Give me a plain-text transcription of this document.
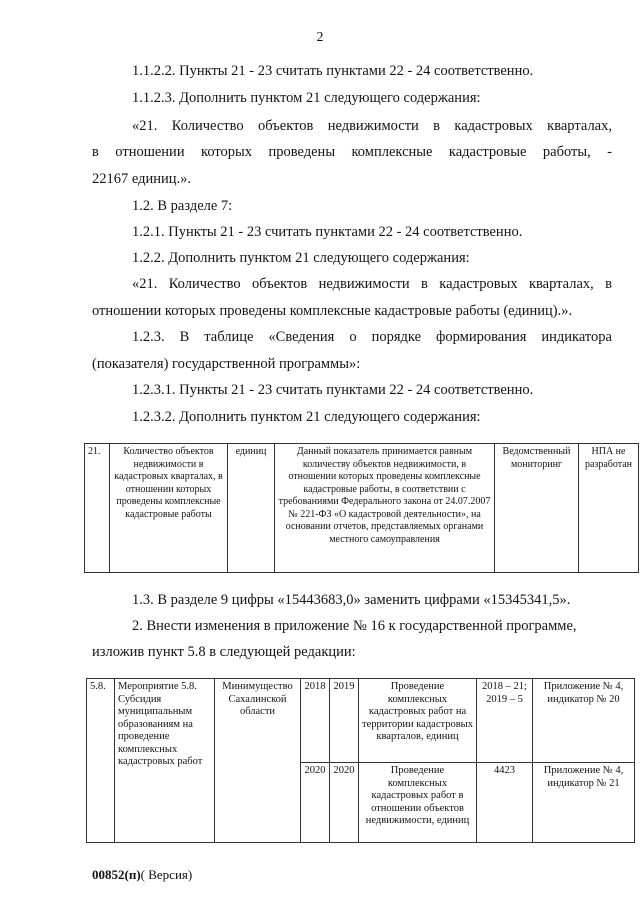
2
1.1.2.2. Пункты 21 - 23 считать пунктами 22 - 24 соответственно.
1.1.2.3. Дополнить пунктом 21 следующего содержания:
«21. Количество объектов недвижимости в кадастровых кварталах,
в отношении которых проведены комплексные кадастровые работы, -
22167 единиц.».
1.2. В разделе 7:
1.2.1. Пункты 21 - 23 считать пунктами 22 - 24 соответственно.
1.2.2. Дополнить пунктом 21 следующего содержания:
«21. Количество объектов недвижимости в кадастровых кварталах, в
отношении которых проведены комплексные кадастровые работы (единиц).».
1.2.3. В таблице «Сведения о порядке формирования индикатора
(показателя) государственной программы»:
1.2.3.1. Пункты 21 - 23 считать пунктами 22 - 24 соответственно.
1.2.3.2. Дополнить пунктом 21 следующего содержания:
21.	Количество объектов недвижимости в кадастровых кварталах, в отношении которых проведены комплексные кадастровые работы	единиц	Данный показатель принимается равным количеству объектов недвижимости, в отношении которых проведены комплексные кадастровые работы, в соответствии с требованиями Федерального закона от 24.07.2007 № 221-ФЗ «О кадастровой деятельности», на основании отчетов, представляемых органами местного самоуправления	Ведомственный мониторинг	НПА не разработан
1.3. В разделе 9 цифры «15443683,0» заменить цифрами «15345341,5».
2. Внести изменения в приложение № 16 к государственной программе,
изложив пункт 5.8 в следующей редакции:
5.8.	Мероприятие 5.8. Субсидия муниципальным образованиям на проведение комплексных кадастровых работ	Минимущество Сахалинской области	2018	2019	Проведение комплексных кадастровых работ на территории кадастровых кварталов, единиц	2018 – 21; 2019 – 5	Приложение № 4, индикатор № 20
			2020	2020	Проведение комплексных кадастровых работ в отношении объектов недвижимости, единиц	4423	Приложение № 4, индикатор № 21
00852(п)( Версия)
